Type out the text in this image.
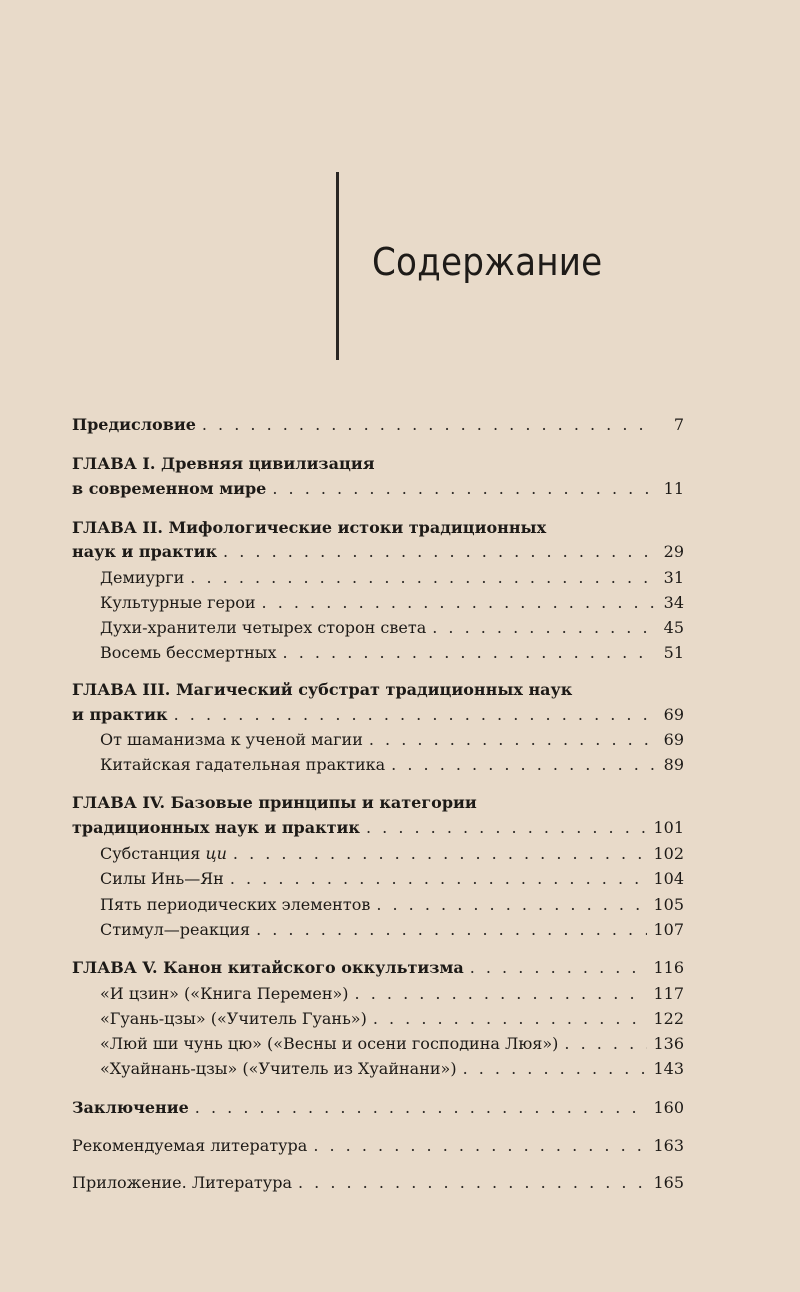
Содержание
Предисловие . . .	7
ГЛАВА I. Древняя цивилизация
в современном мире . . .	11
ГЛАВА II. Мифологические истоки традиционных
наук и практик . . .	29
Демиурги . . .	31
Культурные герои . . .	34
Духи-хранители четырех сторон света . . .	45
Восемь бессмертных . . .	51
ГЛАВА III. Магический субстрат традиционных наук
и практик . . .	69
От шаманизма к ученой магии . . .	69
Китайская гадательная практика . . .	89
ГЛАВА IV. Базовые принципы и категории
традиционных наук и практик . . .	101
Субстанция ци . . .	102
Силы Инь—Ян . . .	104
Пять периодических элементов . . .	105
Стимул—реакция . . .	107
ГЛАВА V. Канон китайского оккультизма . . .	116
«И цзин» («Книга Перемен») . . .	117
«Гуань-цзы» («Учитель Гуань») . . .	122
«Люй ши чунь цю» («Весны и осени господина Люя») . . .	136
«Хуайнань-цзы» («Учитель из Хуайнани») . . .	143
Заключение . . .	160
Рекомендуемая литература . . .	163
Приложение. Литература . . .	165
